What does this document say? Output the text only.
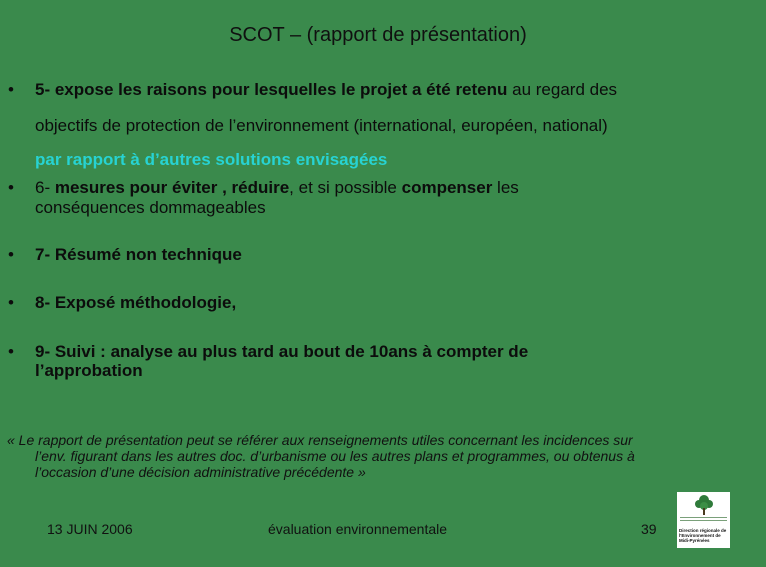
SCOT – (rapport de présentation)
• 5- expose les raisons pour lesquelles le projet a été retenu au regard des
objectifs de protection de l’environnement (international, européen, national)
par rapport à d’autres solutions envisagées
• 6- mesures pour éviter , réduire, et si possible compenser les
conséquences dommageables
• 7- Résumé non technique
• 8- Exposé méthodologie,
• 9- Suivi : analyse au plus tard au bout de 10ans à compter de
l’approbation
« Le rapport de présentation peut se référer aux renseignements utiles concernant les incidences sur
l’env. figurant dans les autres doc. d’urbanisme ou les autres plans et programmes, ou obtenus à
l’occasion d’une décision administrative précédente »
13 JUIN 2006	évaluation environnementale	39	Direction régionale de l'Environnement de Midi-Pyrénées
